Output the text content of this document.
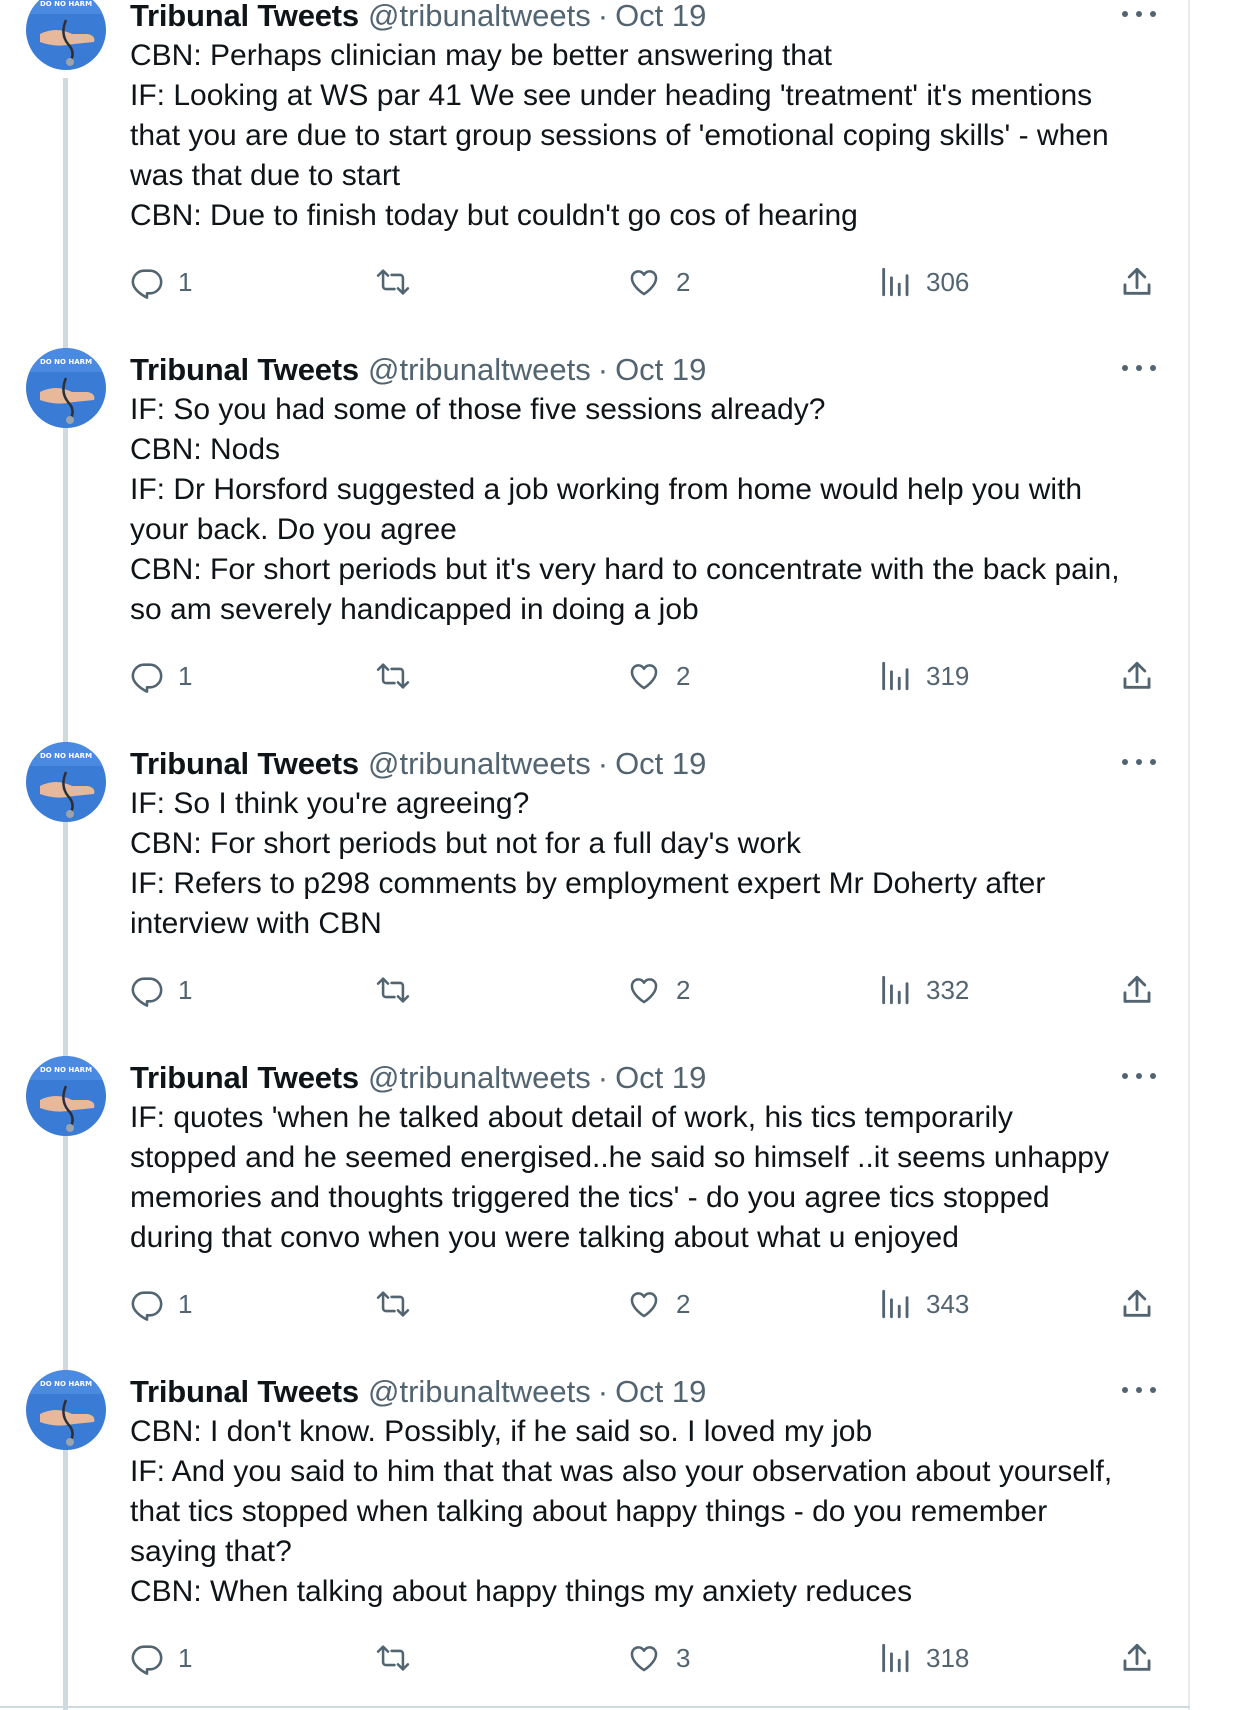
DO NO HARM Tribunal Tweets @tribunaltweets · Oct 19
CBN: Perhaps clinician may be better answering that
IF: Looking at WS par 41 We see under heading 'treatment' it's mentions
that you are due to start group sessions of 'emotional coping skills' - when
was that due to start
CBN: Due to finish today but couldn't go cos of hearing
1	2	306
DO NO HARM Tribunal Tweets @tribunaltweets · Oct 19
IF: So you had some of those five sessions already?
CBN: Nods
IF: Dr Horsford suggested a job working from home would help you with
your back. Do you agree
CBN: For short periods but it's very hard to concentrate with the back pain,
so am severely handicapped in doing a job
1	2	319
DO NO HARM Tribunal Tweets @tribunaltweets · Oct 19
IF: So I think you're agreeing?
CBN: For short periods but not for a full day's work
IF: Refers to p298 comments by employment expert Mr Doherty after
interview with CBN
1	2	332
DO NO HARM Tribunal Tweets @tribunaltweets · Oct 19
IF: quotes 'when he talked about detail of work, his tics temporarily
stopped and he seemed energised..he said so himself ..it seems unhappy
memories and thoughts triggered the tics' - do you agree tics stopped
during that convo when you were talking about what u enjoyed
1	2	343
DO NO HARM Tribunal Tweets @tribunaltweets · Oct 19
CBN: I don't know. Possibly, if he said so. I loved my job
IF: And you said to him that that was also your observation about yourself,
that tics stopped when talking about happy things - do you remember
saying that?
CBN: When talking about happy things my anxiety reduces
1	3	318
